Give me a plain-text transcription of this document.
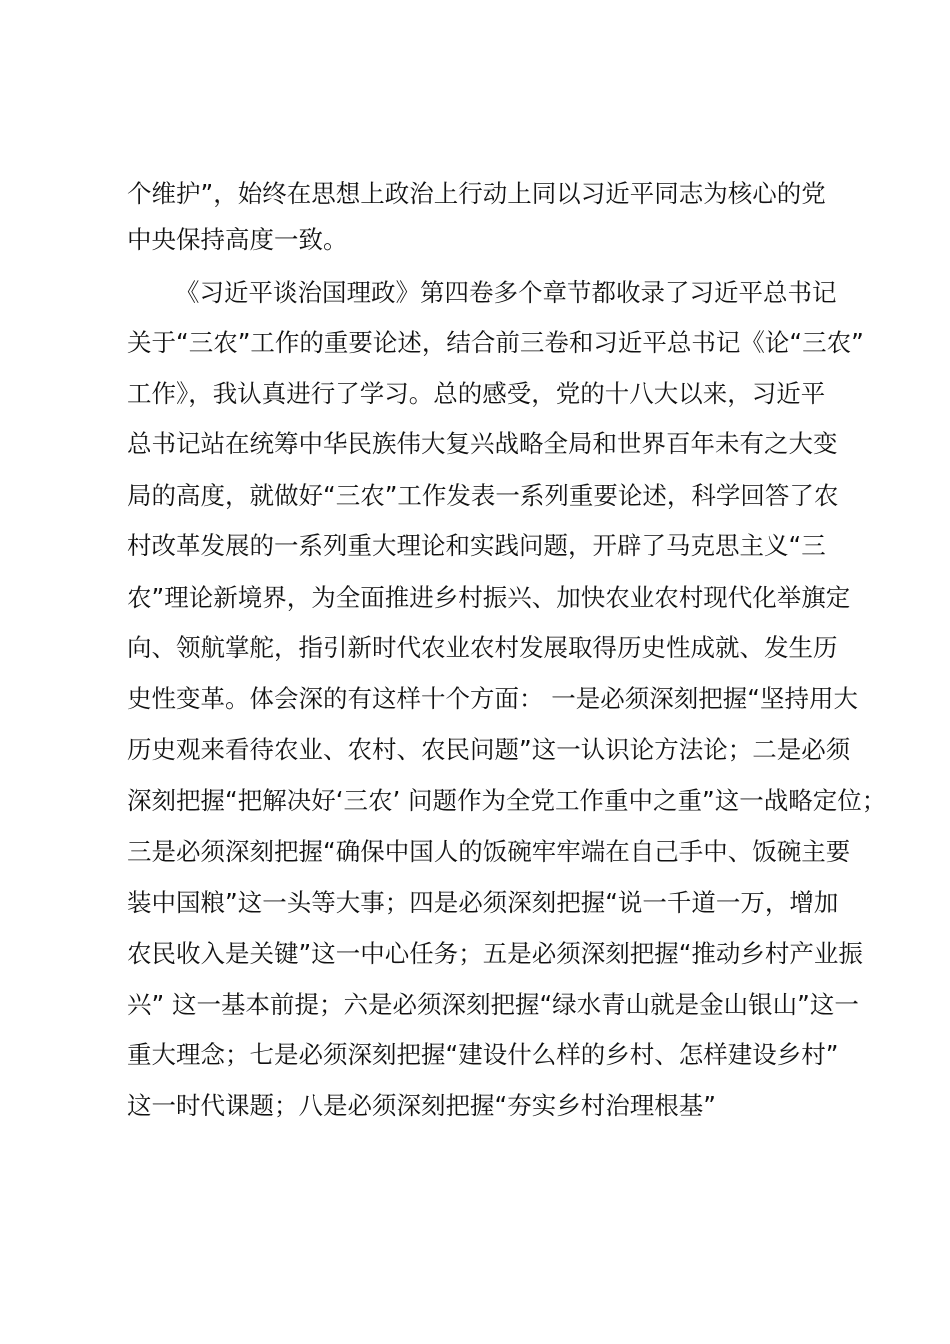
个维护”，始终在思想上政治上行动上同以习近平同志为核心的党

中央保持高度一致。

《习近平谈治国理政》第四卷多个章节都收录了习近平总书记

关于“三农”工作的重要论述，结合前三卷和习近平总书记《论“三农”

工作》，我认真进行了学习。总的感受，党的十八大以来，习近平

总书记站在统筹中华民族伟大复兴战略全局和世界百年未有之大变

局的高度，就做好“三农”工作发表一系列重要论述，科学回答了农

村改革发展的一系列重大理论和实践问题，开辟了马克思主义“三

农”理论新境界，为全面推进乡村振兴、加快农业农村现代化举旗定

向、领航掌舵，指引新时代农业农村发展取得历史性成就、发生历

史性变革。体会深的有这样十个方面： 一是必须深刻把握“坚持用大

历史观来看待农业、农村、农民问题”这一认识论方法论；二是必须

深刻把握“把解决好‘三农’ 问题作为全党工作重中之重”这一战略定位；

三是必须深刻把握“确保中国人的饭碗牢牢端在自己手中、饭碗主要

装中国粮”这一头等大事；四是必须深刻把握“说一千道一万，增加

农民收入是关键”这一中心任务；五是必须深刻把握“推动乡村产业振

兴” 这一基本前提；六是必须深刻把握“绿水青山就是金山银山”这一

重大理念；七是必须深刻把握“建设什么样的乡村、怎样建设乡村”

这一时代课题；八是必须深刻把握“夯实乡村治理根基”
